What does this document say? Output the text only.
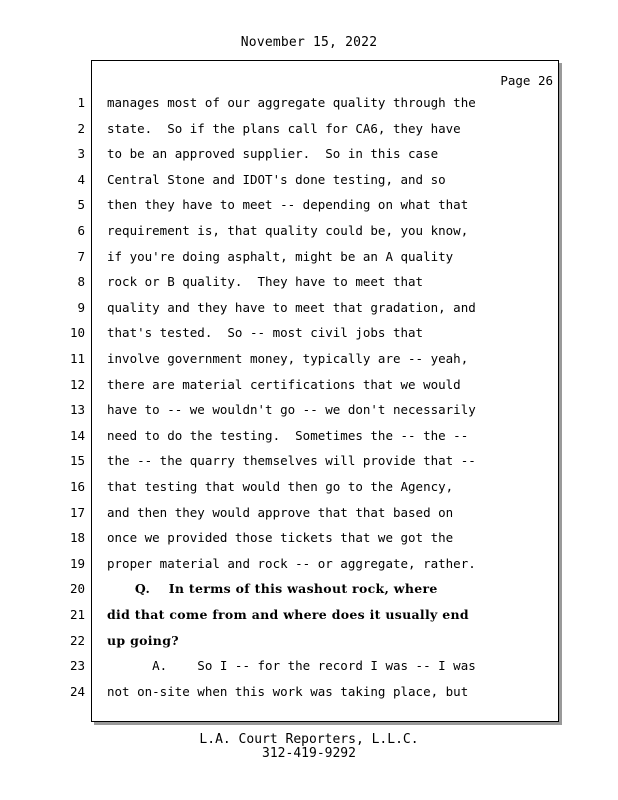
November 15, 2022
Page 26
1
2
3
4
5
6
7
8
9
10
11
12
13
14
15
16
17
18
19
20
21
22
23
24
manages most of our aggregate quality through the
state.  So if the plans call for CA6, they have
to be an approved supplier.  So in this case
Central Stone and IDOT's done testing, and so
then they have to meet -- depending on what that
requirement is, that quality could be, you know,
if you're doing asphalt, might be an A quality
rock or B quality.  They have to meet that
quality and they have to meet that gradation, and
that's tested.  So -- most civil jobs that
involve government money, typically are -- yeah,
there are material certifications that we would
have to -- we wouldn't go -- we don't necessarily
need to do the testing.  Sometimes the -- the --
the -- the quarry themselves will provide that --
that testing that would then go to the Agency,
and then they would approve that that based on
once we provided those tickets that we got the
proper material and rock -- or aggregate, rather.
Q.    In terms of this washout rock, where
did that come from and where does it usually end
up going?
A.    So I -- for the record I was -- I was
not on-site when this work was taking place, but
L.A. Court Reporters, L.L.C.
312-419-9292
